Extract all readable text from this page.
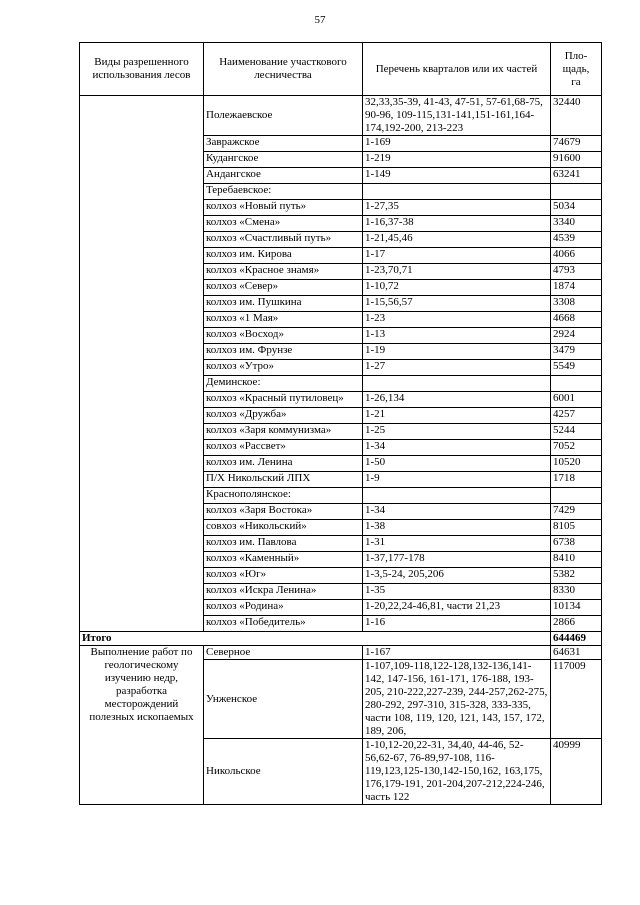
57
Виды разрешенного использования лесов	Наименование участкового лесничества	Перечень кварталов или их частей	Пло-
щадь,
га
	Полежаевское	32,33,35-39, 41-43, 47-51, 57-61,68-75, 90-96, 109-115,131-141,151-161,164-174,192-200, 213-223	32440
	Завражское	1-169	74679
	Кудангское	1-219	91600
	Андангское	1-149	63241
	Теребаевское:		
	колхоз «Новый путь»	1-27,35	5034
	колхоз «Смена»	1-16,37-38	3340
	колхоз «Счастливый путь»	1-21,45,46	4539
	колхоз им. Кирова	1-17	4066
	колхоз «Красное знамя»	1-23,70,71	4793
	колхоз «Север»	1-10,72	1874
	колхоз им. Пушкина	1-15,56,57	3308
	колхоз «1 Мая»	1-23	4668
	колхоз «Восход»	1-13	2924
	колхоз им. Фрунзе	1-19	3479
	колхоз «Утро»	1-27	5549
	Деминское:		
	колхоз «Красный путиловец»	1-26,134	6001
	колхоз «Дружба»	1-21	4257
	колхоз «Заря коммунизма»	1-25	5244
	колхоз «Рассвет»	1-34	7052
	колхоз им. Ленина	1-50	10520
	П/Х Никольский ЛПХ	1-9	1718
	Краснополянское:		
	колхоз «Заря Востока»	1-34	7429
	совхоз «Никольский»	1-38	8105
	колхоз им. Павлова	1-31	6738
	колхоз «Каменный»	1-37,177-178	8410
	колхоз «Юг»	1-3,5-24, 205,206	5382
	колхоз «Искра Ленина»	1-35	8330
	колхоз «Родина»	1-20,22,24-46,81, части 21,23	10134
	колхоз «Победитель»	1-16	2866
Итого			644469
Выполнение работ по геологическому изучению недр, разработка месторождений полезных ископаемых	Северное	1-167	64631
	Унженское	1-107,109-118,122-128,132-136,141-142, 147-156, 161-171, 176-188, 193-205, 210-222,227-239, 244-257,262-275, 280-292, 297-310, 315-328, 333-335, части 108, 119, 120, 121, 143, 157, 172, 189, 206,	117009
	Никольское	1-10,12-20,22-31, 34,40, 44-46, 52-56,62-67, 76-89,97-108, 116-119,123,125-130,142-150,162, 163,175, 176,179-191, 201-204,207-212,224-246, часть 122	40999
